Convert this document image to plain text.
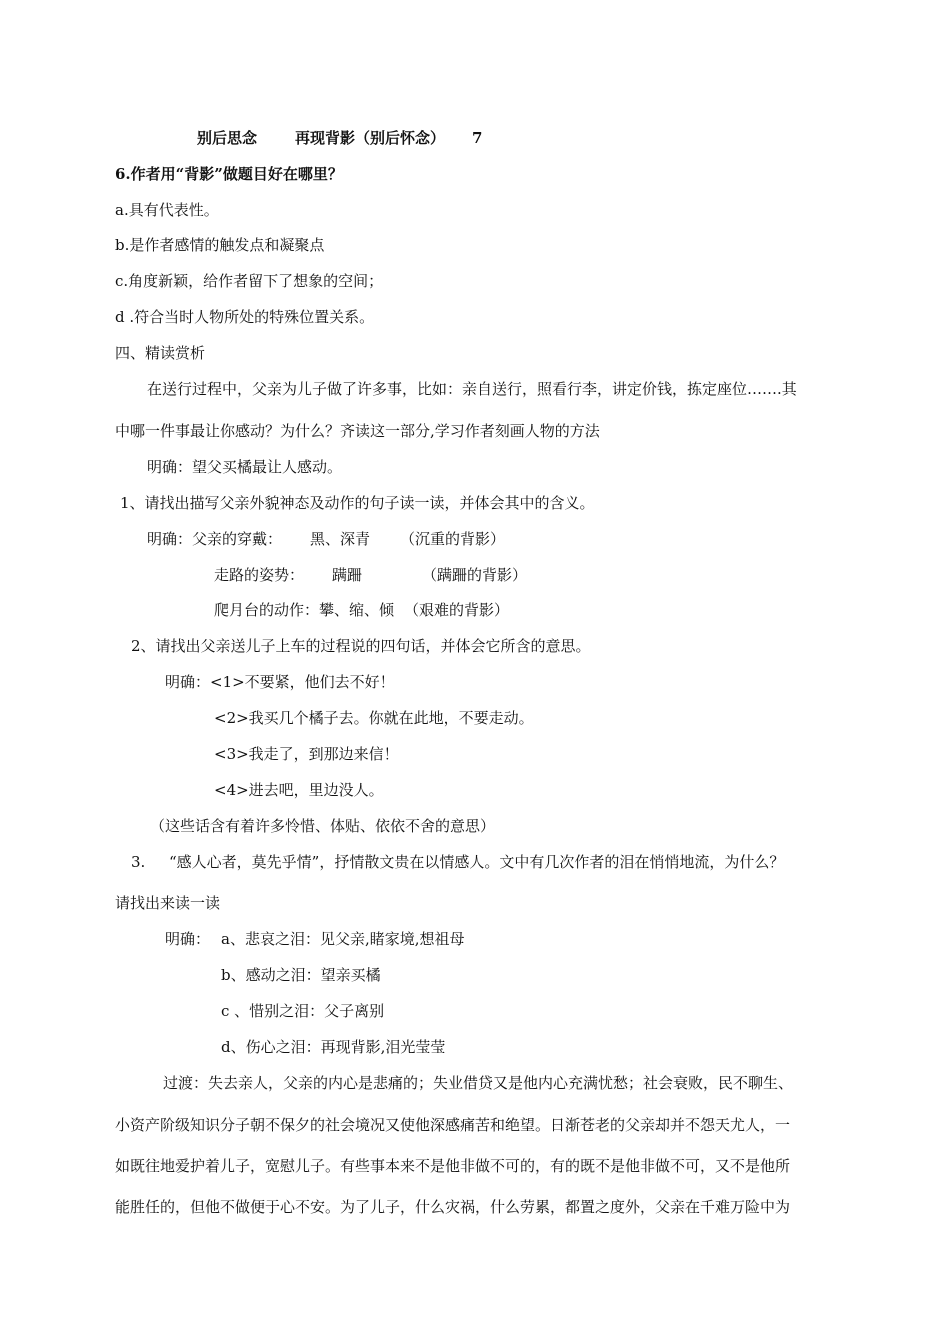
别后思念	再现背影（别后怀念） 7
6.作者用“背影”做题目好在哪里？
a.具有代表性。
b.是作者感情的触发点和凝聚点
c.角度新颖，给作者留下了想象的空间；
d .符合当时人物所处的特殊位置关系。
四、精读赏析
在送行过程中，父亲为儿子做了许多事，比如：亲自送行，照看行李，讲定价钱，拣定座位…….其
中哪一件事最让你感动？为什么？齐读这一部分,学习作者刻画人物的方法
明确：望父买橘最让人感动。
1、请找出描写父亲外貌神态及动作的句子读一读，并体会其中的含义。
明确：父亲的穿戴： 黑、深青 （沉重的背影）
走路的姿势： 蹒跚	（蹒跚的背影）
爬月台的动作：攀、缩、倾 （艰难的背影）
2、请找出父亲送儿子上车的过程说的四句话，并体会它所含的意思。
明确：<1>不要紧，他们去不好！
<2>我买几个橘子去。你就在此地，不要走动。
<3>我走了，到那边来信！
<4>进去吧，里边没人。
（这些话含有着许多怜惜、体贴、依依不舍的意思）
3. “感人心者，莫先乎情”，抒情散文贵在以情感人。文中有几次作者的泪在悄悄地流，为什么？
请找出来读一读
明确： a、悲哀之泪：见父亲,睹家境,想祖母
b、感动之泪：望亲买橘
c 、惜别之泪：父子离别
d、伤心之泪：再现背影,泪光莹莹
过渡：失去亲人，父亲的内心是悲痛的；失业借贷又是他内心充满忧愁；社会衰败，民不聊生、
小资产阶级知识分子朝不保夕的社会境况又使他深感痛苦和绝望。日渐苍老的父亲却并不怨天尤人，一
如既往地爱护着儿子，宽慰儿子。有些事本来不是他非做不可的，有的既不是他非做不可，又不是他所
能胜任的，但他不做便于心不安。为了儿子，什么灾祸，什么劳累，都置之度外，父亲在千难万险中为
